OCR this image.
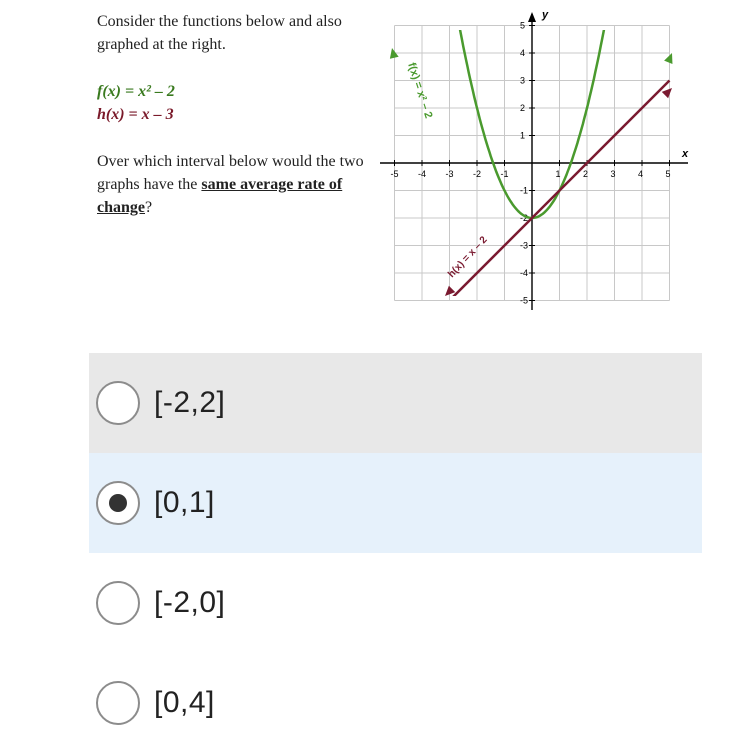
Consider the functions below and also graphed at the right.

f(x) = x² – 2

h(x) = x – 3

Over which interval below would the two graphs have the same average rate of change?

-5 -4 -3 -2 -1	1 2 3 4 5
5
4
3
2
1
-1
-2
-3
-4
-5
x
y
f(x) = x² – 2
h(x) = x – 2
[-2,2]
[0,1]
[-2,0]
[0,4]
